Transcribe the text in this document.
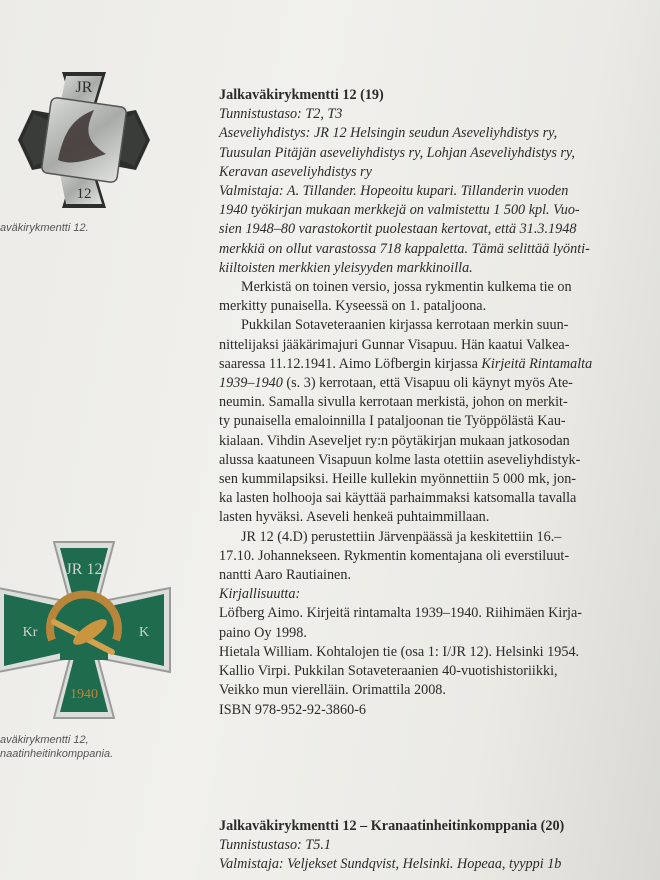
JR
12
aväkirykmentti 12.
JR 12
Kr	K
1940
aväkirykmentti 12,
naatinheitinkomppania.
Jalkaväkirykmentti 12 (19)
Tunnistustaso: T2, T3
Aseveliyhdistys: JR 12 Helsingin seudun Aseveliyhdistys ry,
Tuusulan Pitäjän aseveliyhdistys ry, Lohjan Aseveliyhdistys ry,
Keravan aseveliyhdistys ry
Valmistaja: A. Tillander. Hopeoitu kupari. Tillanderin vuoden
1940 työkirjan mukaan merkkejä on valmistettu 1 500 kpl. Vuo-
sien 1948–80 varastokortit puolestaan kertovat, että 31.3.1948
merkkiä on ollut varastossa 718 kappaletta. Tämä selittää lyönti-
kiiltoisten merkkien yleisyyden markkinoilla.
Merkistä on toinen versio, jossa rykmentin kulkema tie on
merkitty punaisella. Kyseessä on 1. pataljoona.
Pukkilan Sotaveteraanien kirjassa kerrotaan merkin suun-
nittelijaksi jääkärimajuri Gunnar Visapuu. Hän kaatui Valkea-
saaressa 11.12.1941. Aimo Löfbergin kirjassa Kirjeitä Rintamalta
1939–1940 (s. 3) kerrotaan, että Visapuu oli käynyt myös Ate-
neumin. Samalla sivulla kerrotaan merkistä, johon on merkit-
ty punaisella emaloinnilla I pataljoonan tie Työppölästä Kau-
kialaan. Vihdin Aseveljet ry:n pöytäkirjan mukaan jatkosodan
alussa kaatuneen Visapuun kolme lasta otettiin aseveliyhdistyk-
sen kummilapsiksi. Heille kullekin myönnettiin 5 000 mk, jon-
ka lasten holhooja sai käyttää parhaimmaksi katsomalla tavalla
lasten hyväksi. Aseveli henkeä puhtaimmillaan.
JR 12 (4.D) perustettiin Järvenpäässä ja keskitettiin 16.–
17.10. Johannekseen. Rykmentin komentajana oli everstiluut-
nantti Aaro Rautiainen.
Kirjallisuutta:
Löfberg Aimo. Kirjeitä rintamalta 1939–1940. Riihimäen Kirja-
paino Oy 1998.
Hietala William. Kohtalojen tie (osa 1: I/JR 12). Helsinki 1954.
Kallio Virpi. Pukkilan Sotaveteraanien 40-vuotishistoriikki,
Veikko mun vierelläin. Orimattila 2008.
ISBN 978-952-92-3860-6
Jalkaväkirykmentti 12 – Kranaatinheitinkomppania (20)
Tunnistustaso: T5.1
Valmistaja: Veljekset Sundqvist, Helsinki. Hopeaa, tyyppi 1b
